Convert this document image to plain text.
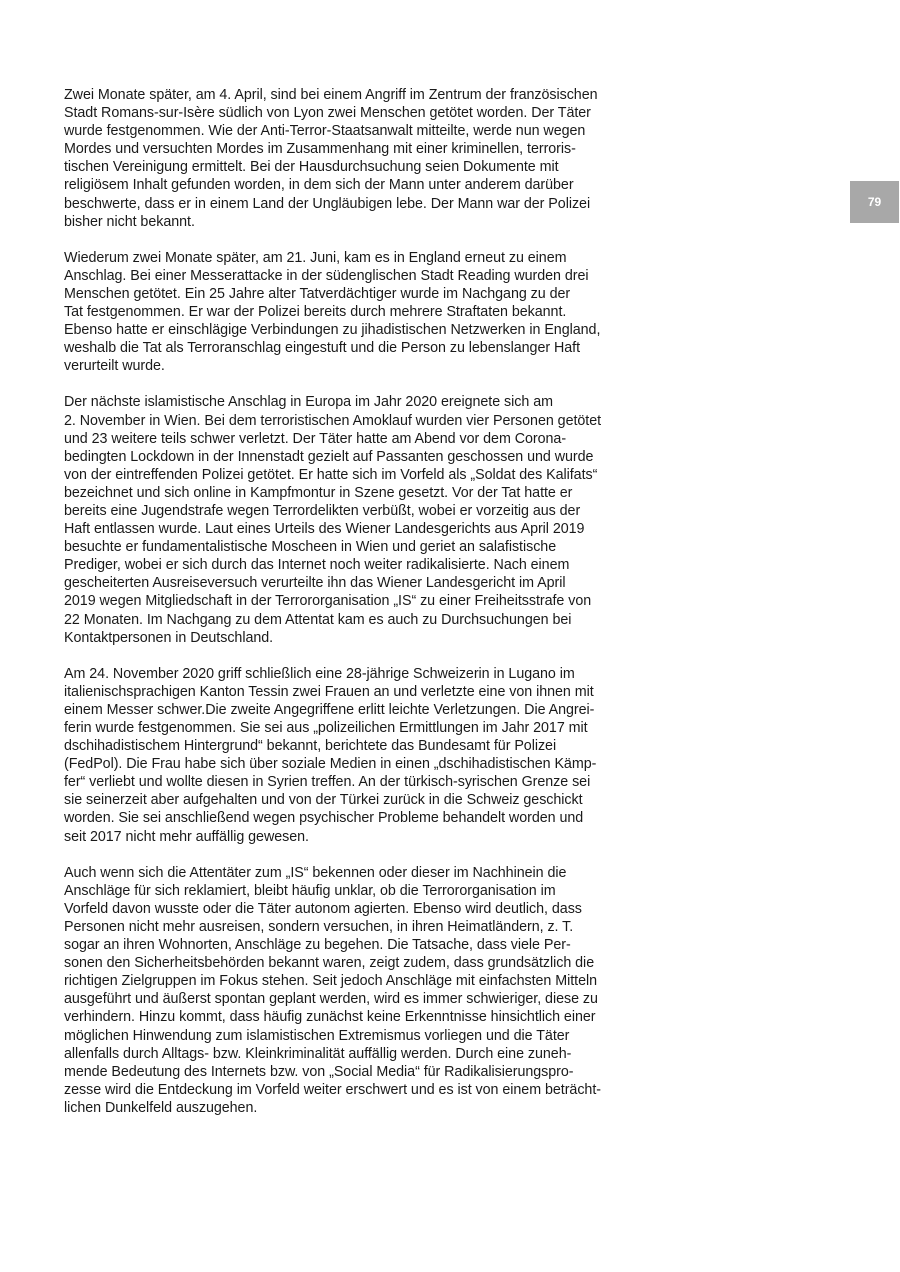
Zwei Monate später, am 4. April, sind bei einem Angriff im Zentrum der französischen
Stadt Romans-sur-Isère südlich von Lyon zwei Menschen getötet worden. Der Täter
wurde festgenommen. Wie der Anti-Terror-Staatsanwalt mitteilte, werde nun wegen
Mordes und versuchten Mordes im Zusammenhang mit einer kriminellen, terroris-
tischen Vereinigung ermittelt. Bei der Hausdurchsuchung seien Dokumente mit
religiösem Inhalt gefunden worden, in dem sich der Mann unter anderem darüber
beschwerte, dass er in einem Land der Ungläubigen lebe. Der Mann war der Polizei
bisher nicht bekannt.

Wiederum zwei Monate später, am 21. Juni, kam es in England erneut zu einem
Anschlag. Bei einer Messerattacke in der südenglischen Stadt Reading wurden drei
Menschen getötet. Ein 25 Jahre alter Tatverdächtiger wurde im Nachgang zu der
Tat festgenommen. Er war der Polizei bereits durch mehrere Straftaten bekannt.
Ebenso hatte er einschlägige Verbindungen zu jihadistischen Netzwerken in England,
weshalb die Tat als Terroranschlag eingestuft und die Person zu lebenslanger Haft
verurteilt wurde.

Der nächste islamistische Anschlag in Europa im Jahr 2020 ereignete sich am
2. November in Wien. Bei dem terroristischen Amoklauf wurden vier Personen getötet
und 23 weitere teils schwer verletzt. Der Täter hatte am Abend vor dem Corona-
bedingten Lockdown in der Innenstadt gezielt auf Passanten geschossen und wurde
von der eintreffenden Polizei getötet. Er hatte sich im Vorfeld als „Soldat des Kalifats“
bezeichnet und sich online in Kampfmontur in Szene gesetzt. Vor der Tat hatte er
bereits eine Jugendstrafe wegen Terrordelikten verbüßt, wobei er vorzeitig aus der
Haft entlassen wurde. Laut eines Urteils des Wiener Landesgerichts aus April 2019
besuchte er fundamentalistische Moscheen in Wien und geriet an salafistische
Prediger, wobei er sich durch das Internet noch weiter radikalisierte. Nach einem
gescheiterten Ausreiseversuch verurteilte ihn das Wiener Landesgericht im April
2019 wegen Mitgliedschaft in der Terrororganisation „IS“ zu einer Freiheitsstrafe von
22 Monaten. Im Nachgang zu dem Attentat kam es auch zu Durchsuchungen bei
Kontaktpersonen in Deutschland.

Am 24. November 2020 griff schließlich eine 28-jährige Schweizerin in Lugano im
italienischsprachigen Kanton Tessin zwei Frauen an und verletzte eine von ihnen mit
einem Messer schwer.Die zweite Angegriffene erlitt leichte Verletzungen. Die Angrei-
ferin wurde festgenommen. Sie sei aus „polizeilichen Ermittlungen im Jahr 2017 mit
dschihadistischem Hintergrund“ bekannt, berichtete das Bundesamt für Polizei
(FedPol). Die Frau habe sich über soziale Medien in einen „dschihadistischen Kämp-
fer“ verliebt und wollte diesen in Syrien treffen. An der türkisch-syrischen Grenze sei
sie seinerzeit aber aufgehalten und von der Türkei zurück in die Schweiz geschickt
worden. Sie sei anschließend wegen psychischer Probleme behandelt worden und
seit 2017 nicht mehr auffällig gewesen.

Auch wenn sich die Attentäter zum „IS“ bekennen oder dieser im Nachhinein die
Anschläge für sich reklamiert, bleibt häufig unklar, ob die Terrororganisation im
Vorfeld davon wusste oder die Täter autonom agierten. Ebenso wird deutlich, dass
Personen nicht mehr ausreisen, sondern versuchen, in ihren Heimatländern, z. T.
sogar an ihren Wohnorten, Anschläge zu begehen. Die Tatsache, dass viele Per-
sonen den Sicherheitsbehörden bekannt waren, zeigt zudem, dass grundsätzlich die
richtigen Zielgruppen im Fokus stehen. Seit jedoch Anschläge mit einfachsten Mitteln
ausgeführt und äußerst spontan geplant werden, wird es immer schwieriger, diese zu
verhindern. Hinzu kommt, dass häufig zunächst keine Erkenntnisse hinsichtlich einer
möglichen Hinwendung zum islamistischen Extremismus vorliegen und die Täter
allenfalls durch Alltags- bzw. Kleinkriminalität auffällig werden. Durch eine zuneh-
mende Bedeutung des Internets bzw. von „Social Media“ für Radikalisierungspro-
zesse wird die Entdeckung im Vorfeld weiter erschwert und es ist von einem beträcht-
lichen Dunkelfeld auszugehen.

79
